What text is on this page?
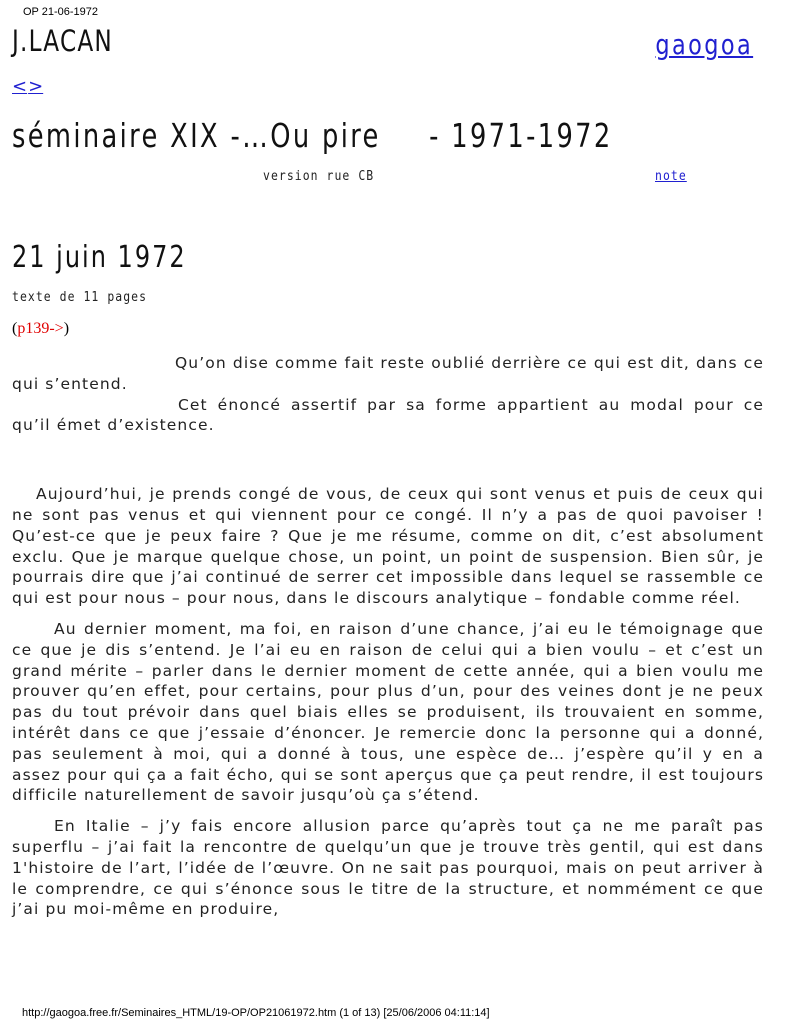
OP 21-06-1972
J.LACAN	gaogoa
<>
séminaire XIX -…Ou pire - 1971-1972
version rue CB	note
21 juin 1972
texte de 11 pages
(p139->)

Qu’on dise comme fait reste oublié derrière ce qui est dit, dans ce qui s’entend.

Cet énoncé assertif par sa forme appartient au modal pour ce qu’il émet d’existence.

Aujourd’hui, je prends congé de vous, de ceux qui sont venus et puis de ceux qui ne sont pas venus et qui viennent pour ce congé. Il n’y a pas de quoi pavoiser ! Qu’est-ce que je peux faire ? Que je me résume, comme on dit, c’est absolument exclu. Que je marque quelque chose, un point, un point de suspension. Bien sûr, je pourrais dire que j’ai continué de serrer cet impossible dans lequel se rassemble ce qui est pour nous – pour nous, dans le discours analytique – fondable comme réel.

Au dernier moment, ma foi, en raison d’une chance, j’ai eu le témoignage que ce que je dis s’entend. Je l’ai eu en raison de celui qui a bien voulu – et c’est un grand mérite – parler dans le dernier moment de cette année, qui a bien voulu me prouver qu’en effet, pour certains, pour plus d’un, pour des veines dont je ne peux pas du tout prévoir dans quel biais elles se produisent, ils trouvaient en somme, intérêt dans ce que j’essaie d’énoncer. Je remercie donc la personne qui a donné, pas seulement à moi, qui a donné à tous, une espèce de… j’espère qu’il y en a assez pour qui ça a fait écho, qui se sont aperçus que ça peut rendre, il est toujours difficile naturellement de savoir jusqu’où ça s’étend.

En Italie – j’y fais encore allusion parce qu’après tout ça ne me paraît pas superflu – j’ai fait la rencontre de quelqu’un que je trouve très gentil, qui est dans 1'histoire de l’art, l’idée de l’œuvre. On ne sait pas pourquoi, mais on peut arriver à le comprendre, ce qui s’énonce sous le titre de la structure, et nommément ce que j’ai pu moi-même en produire,

http://gaogoa.free.fr/Seminaires_HTML/19-OP/OP21061972.htm (1 of 13) [25/06/2006 04:11:14]
